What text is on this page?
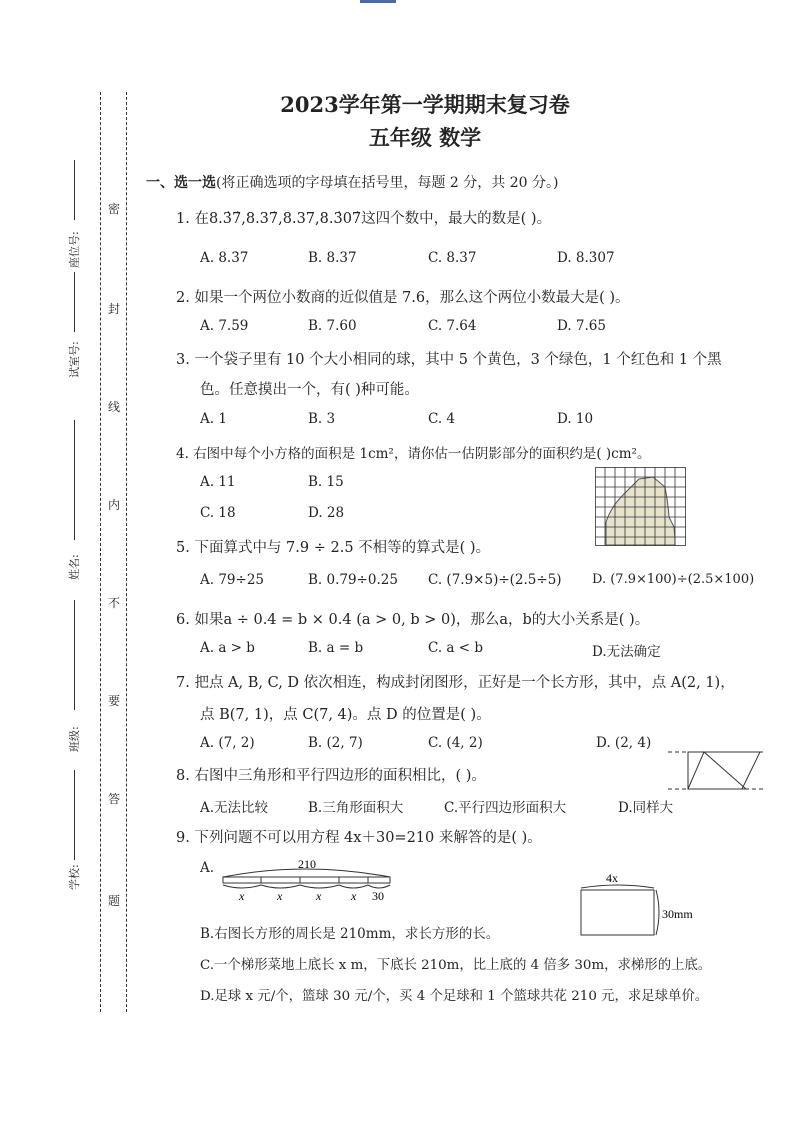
密
封
线
内
不
要
答
题
座位号:
试室号:
姓名:
班级:
学校:
2023学年第一学期期末复习卷
五年级 数学
一、选一选(将正确选项的字母填在括号里，每题 2 分，共 20 分。)
1. 在8.3̇7̇,8.37̇,8.37,8.3̇07̇这四个数中，最大的数是( )。
A. 8.3̇7̇	B. 8.37̇	C. 8.37	D. 8.3̇07̇
2. 如果一个两位小数商的近似值是 7.6，那么这个两位小数最大是( )。
A. 7.59	B. 7.60	C. 7.64	D. 7.65
3. 一个袋子里有 10 个大小相同的球，其中 5 个黄色，3 个绿色，1 个红色和 1 个黑
色。任意摸出一个，有( )种可能。
A. 1	B. 3	C. 4	D. 10
4. 右图中每个小方格的面积是 1cm²，请你估一估阴影部分的面积约是( )cm²。
A. 11	B. 15
C. 18	D. 28
5. 下面算式中与 7.9 ÷ 2.5 不相等的算式是( )。
A. 79÷25	B. 0.79÷0.25 C. (7.9×5)÷(2.5÷5) D. (7.9×100)÷(2.5×100)
6. 如果a ÷ 0.4 = b × 0.4 (a > 0, b > 0)，那么a，b的大小关系是( )。
A. a > b	B. a = b	C. a < b	D.无法确定
7. 把点 A, B, C, D 依次相连，构成封闭图形，正好是一个长方形，其中，点 A(2, 1)，
点 B(7, 1)，点 C(7, 4)。点 D 的位置是( )。
A. (7, 2)	B. (2, 7)	C. (4, 2)	D. (2, 4)
8. 右图中三角形和平行四边形的面积相比，( )。
A.无法比较	B.三角形面积大	C.平行四边形面积大	D.同样大
9. 下列问题不可以用方程 4x＋30=210 来解答的是( )。
A.	210
x	x	x x 30
4x
30mm
B.右图长方形的周长是 210mm，求长方形的长。
C.一个梯形菜地上底长 x m，下底长 210m，比上底的 4 倍多 30m，求梯形的上底。
D.足球 x 元/个，篮球 30 元/个，买 4 个足球和 1 个篮球共花 210 元，求足球单价。
